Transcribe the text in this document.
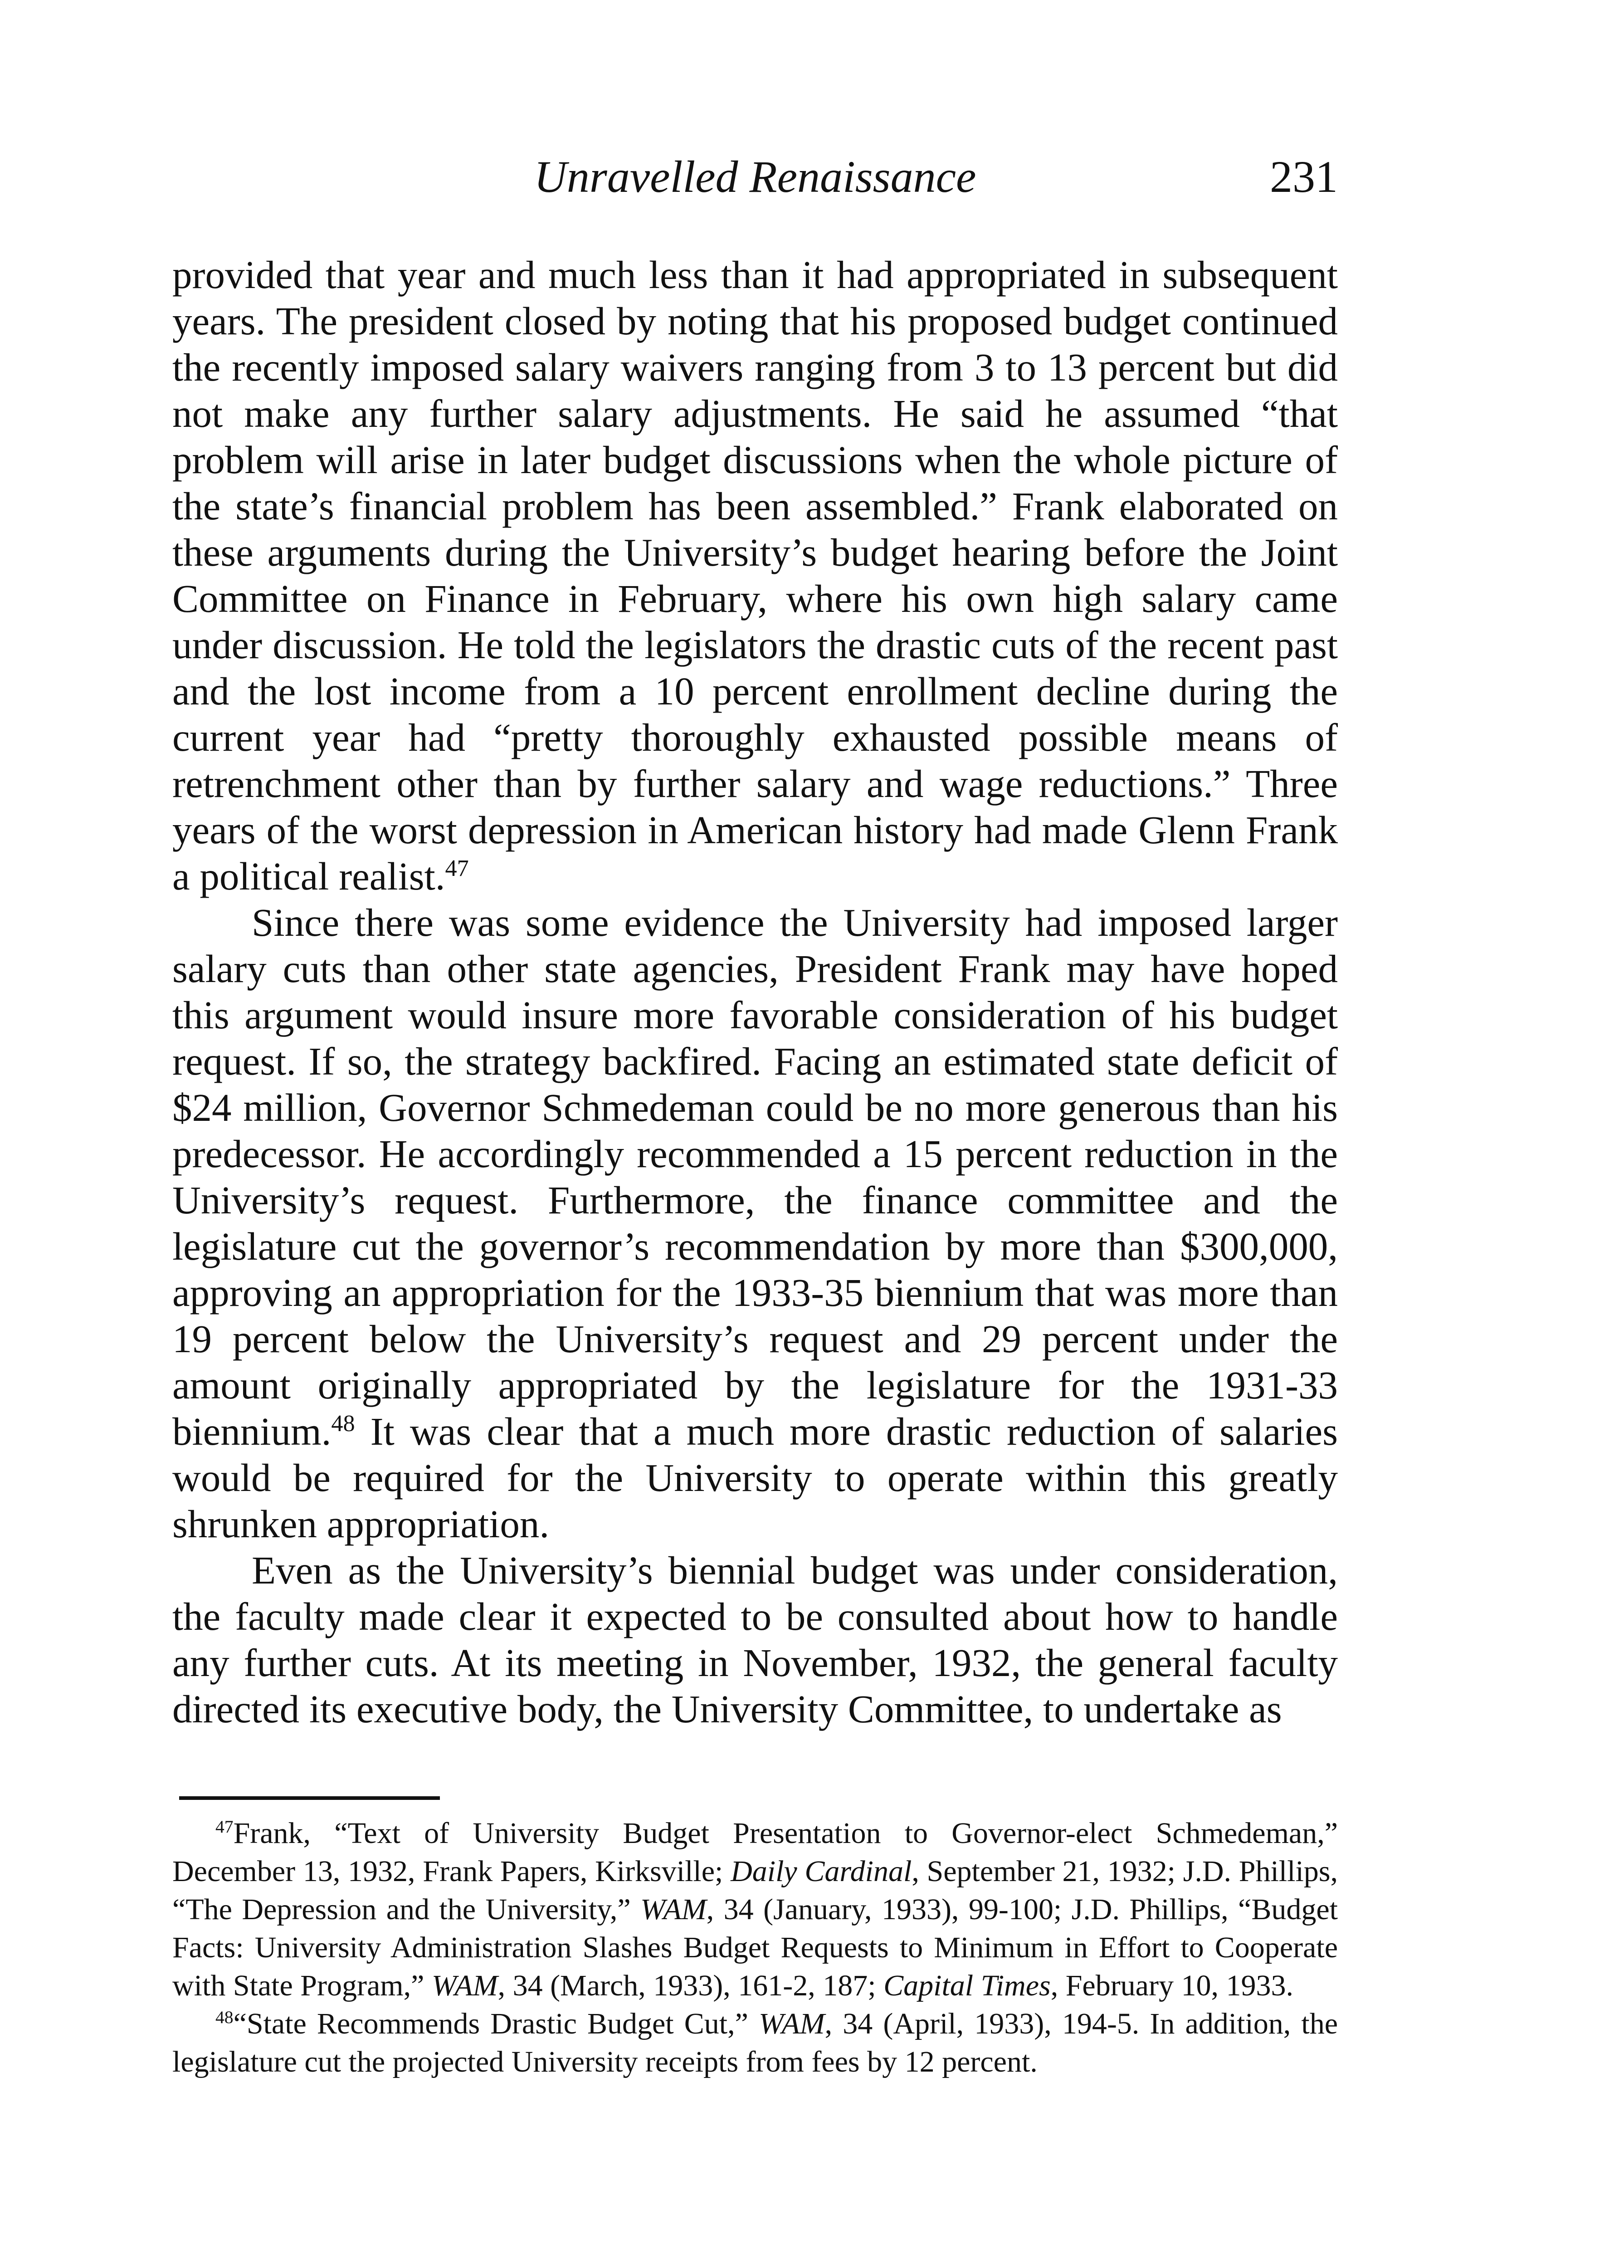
Unravelled Renaissance	231

provided that year and much less than it had appropriated in subsequent years. The president closed by noting that his proposed budget continued the recently imposed salary waivers ranging from 3 to 13 percent but did not make any further salary adjustments. He said he assumed “that problem will arise in later budget discussions when the whole picture of the state’s financial problem has been assembled.” Frank elaborated on these arguments during the University’s budget hearing before the Joint Committee on Finance in February, where his own high salary came under discussion. He told the legislators the drastic cuts of the recent past and the lost income from a 10 percent enrollment decline during the current year had “pretty thoroughly exhausted possible means of retrenchment other than by further salary and wage reductions.” Three years of the worst depression in American history had made Glenn Frank a political realist.$^{47}$

Since there was some evidence the University had imposed larger salary cuts than other state agencies, President Frank may have hoped this argument would insure more favorable consideration of his budget request. If so, the strategy backfired. Facing an estimated state deficit of $24 million, Governor Schmedeman could be no more generous than his predecessor. He accordingly recommended a 15 percent reduction in the University’s request. Furthermore, the finance committee and the legislature cut the governor’s recommendation by more than $300,000, approving an appropriation for the 1933-35 biennium that was more than 19 percent below the University’s request and 29 percent under the amount originally appropriated by the legislature for the 1931-33 biennium.$^{48}$ It was clear that a much more drastic reduction of salaries would be required for the University to operate within this greatly shrunken appropriation.

Even as the University’s biennial budget was under consideration, the faculty made clear it expected to be consulted about how to handle any further cuts. At its meeting in November, 1932, the general faculty directed its executive body, the University Committee, to undertake as

$^{47}$Frank, “Text of University Budget Presentation to Governor-elect Schmedeman,” December 13, 1932, Frank Papers, Kirksville; Daily Cardinal, September 21, 1932; J.D. Phillips, “The Depression and the University,” WAM, 34 (January, 1933), 99-100; J.D. Phillips, “Budget Facts: University Administration Slashes Budget Requests to Minimum in Effort to Cooperate with State Program,” WAM, 34 (March, 1933), 161-2, 187; Capital Times, February 10, 1933.

$^{48}$“State Recommends Drastic Budget Cut,” WAM, 34 (April, 1933), 194-5. In addition, the legislature cut the projected University receipts from fees by 12 percent.
